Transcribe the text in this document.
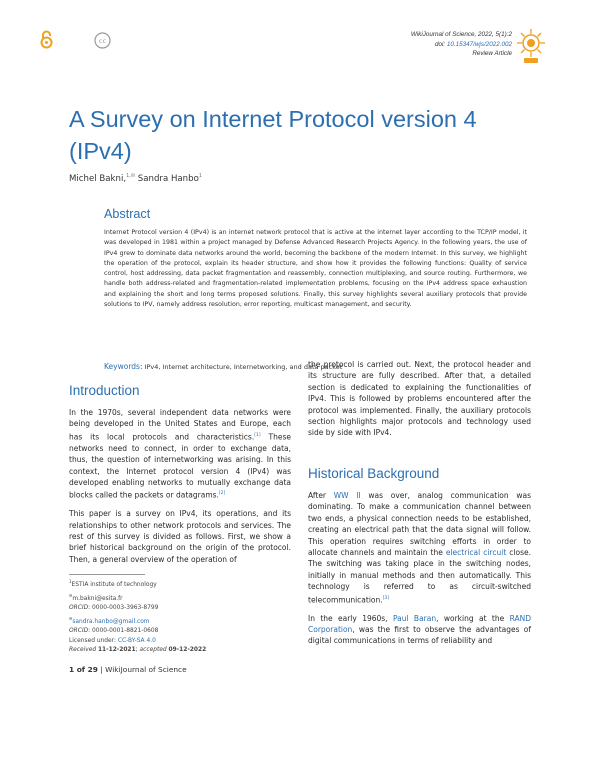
cc
WikiJournal of Science, 2022, 5(1):2
doi: 10.15347/wjs/2022.002
Review Article
A Survey on Internet Protocol version 4 (IPv4)
Michel Bakni,$^{1,✉}$ Sandra Hanbo$^1$
Abstract
Internet Protocol version 4 (IPv4) is an internet network protocol that is active at the internet layer according to the TCP/IP model, it was developed in 1981 within a project managed by Defense Advanced Research Projects Agency. In the following years, the use of IPv4 grew to dominate data networks around the world, becoming the backbone of the modern Internet. In this survey, we highlight the operation of the protocol, explain its header structure, and show how it provides the following functions: Quality of service control, host addressing, data packet fragmentation and reassembly, connection multiplexing, and source routing. Furthermore, we handle both address-related and fragmentation-related implementation problems, focusing on the IPv4 address space exhaustion and explaining the short and long terms proposed solutions. Finally, this survey highlights several auxiliary protocols that provide solutions to IPV, namely address resolution, error reporting, multicast management, and security.
Keywords: IPv4, Internet architecture, Internetworking, and data packet
Introduction

In the 1970s, several independent data networks were being developed in the United States and Europe, each has its local protocols and characteristics.[1] These networks need to connect, in order to exchange data, thus, the question of internetworking was arising. In this context, the Internet protocol version 4 (IPv4) was developed enabling networks to mutually exchange data blocks called the packets or datagrams.[2]

This paper is a survey on IPv4, its operations, and its relationships to other network protocols and services. The rest of this survey is divided as follows. First, we show a brief historical background on the origin of the protocol. Then, a general overview of the operation of

the protocol is carried out. Next, the protocol header and its structure are fully described. After that, a detailed section is dedicated to explaining the functionalities of IPv4. This is followed by problems encountered after the protocol was implemented. Finally, the auxiliary protocols section highlights major protocols and technology used side by side with IPv4.

Historical Background

After WW II was over, analog communication was dominating. To make a communication channel between two ends, a physical connection needs to be established, creating an electrical path that the data signal will follow. This operation requires switching efforts in order to allocate channels and maintain the electrical circuit close. The switching was taking place in the switching nodes, initially in manual methods and then automatically. This technology is referred to as circuit-switched telecommunication.[3]

In the early 1960s, Paul Baran, working at the RAND Corporation, was the first to observe the advantages of digital communications in terms of reliability and

$^1$ESTIA institute of technology
✉m.bakni@esita.fr
ORCID: 0000-0003-3963-8799
✉sandra.hanbo@gmail.com
ORCID: 0000-0001-8821-0608
Licensed under: CC-BY-SA 4.0
Received 11-12-2021; accepted 09-12-2022
1 of 29 | WikiJournal of Science
